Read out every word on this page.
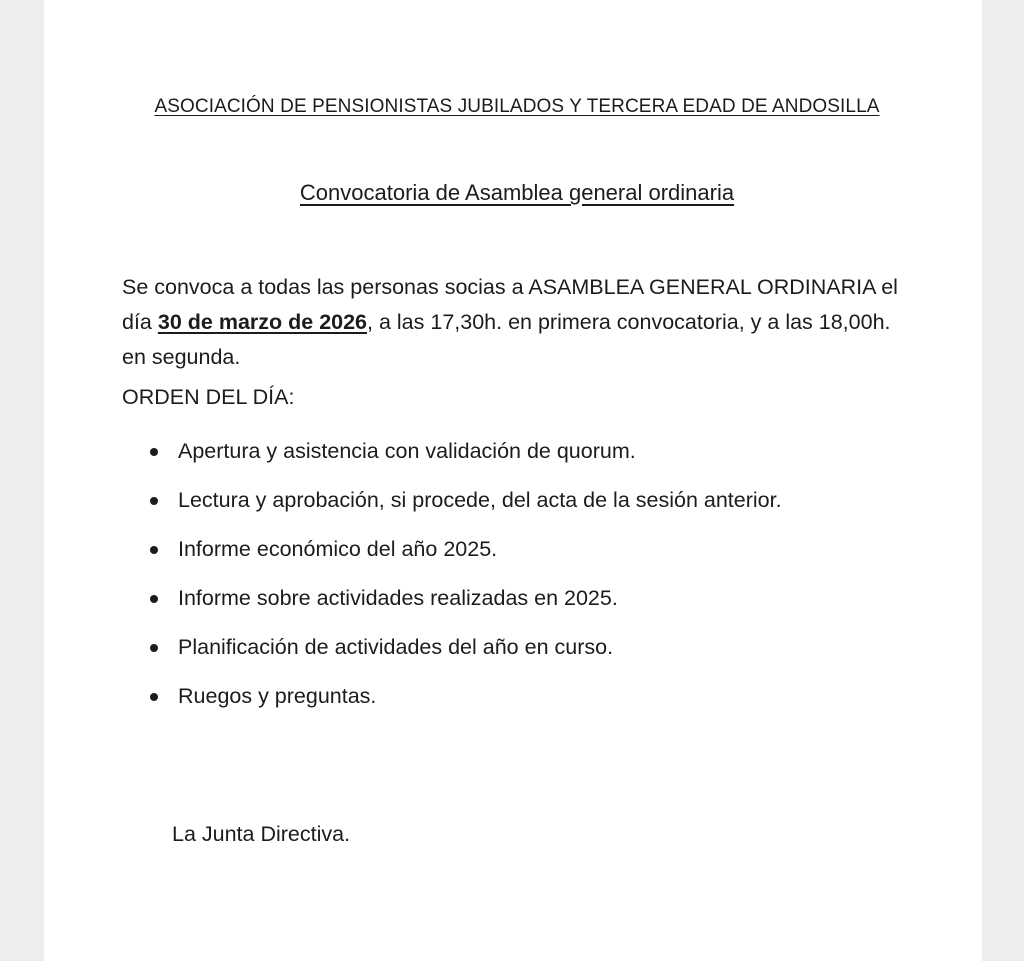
ASOCIACIÓN DE PENSIONISTAS JUBILADOS Y TERCERA EDAD DE ANDOSILLA
Convocatoria de Asamblea general ordinaria

Se convoca a todas las personas socias a ASAMBLEA GENERAL ORDINARIA el día 30 de marzo de 2026, a las 17,30h. en primera convocatoria, y a las 18,00h. en segunda.

ORDEN DEL DÍA:

Apertura y asistencia con validación de quorum.
Lectura y aprobación, si procede, del acta de la sesión anterior.
Informe económico del año 2025.
Informe sobre actividades realizadas en 2025.
Planificación de actividades del año en curso.
Ruegos y preguntas.

La Junta Directiva.
